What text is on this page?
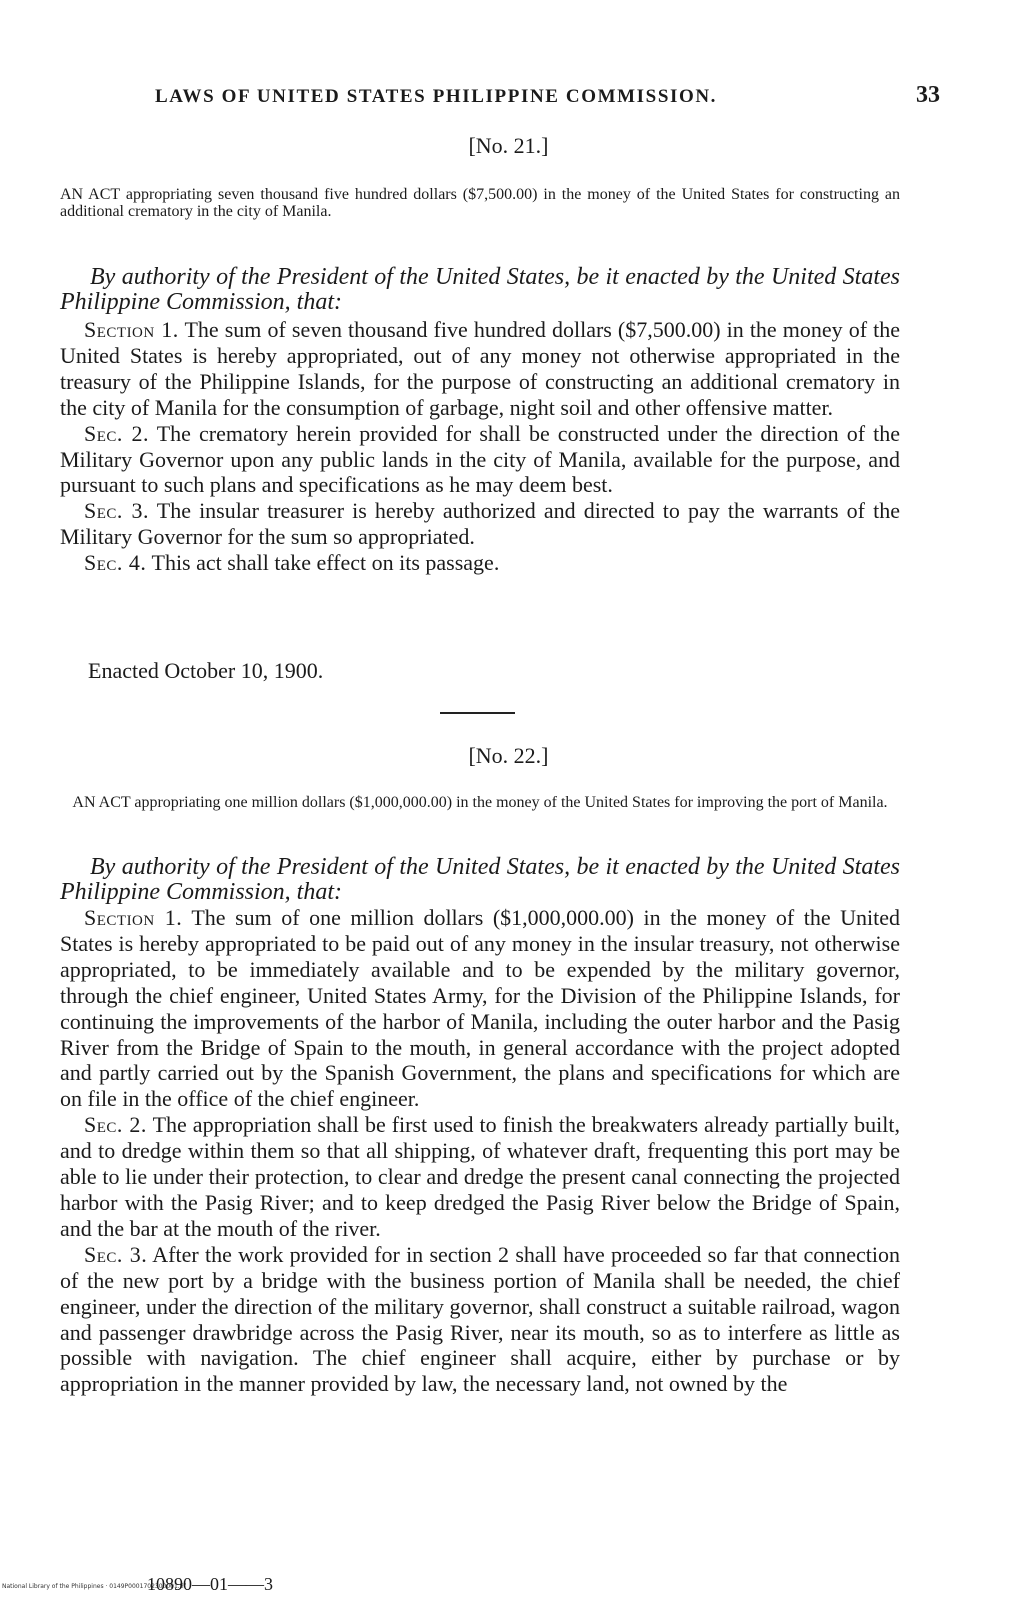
LAWS OF UNITED STATES PHILIPPINE COMMISSION.	33
[No. 21.]
AN ACT appropriating seven thousand five hundred dollars ($7,500.00) in the money of the United States for constructing an additional crematory in the city of Manila.
By authority of the President of the United States, be it enacted by the United States Philippine Commission, that:

Section 1. The sum of seven thousand five hundred dollars ($7,500.00) in the money of the United States is hereby appropriated, out of any money not otherwise appropriated in the treasury of the Philippine Islands, for the purpose of constructing an additional crematory in the city of Manila for the consumption of garbage, night soil and other offensive matter.

Sec. 2. The crematory herein provided for shall be constructed under the direction of the Military Governor upon any public lands in the city of Manila, available for the purpose, and pursuant to such plans and specifications as he may deem best.

Sec. 3. The insular treasurer is hereby authorized and directed to pay the warrants of the Military Governor for the sum so appropriated.

Sec. 4. This act shall take effect on its passage.

Enacted October 10, 1900.
[No. 22.]
AN ACT appropriating one million dollars ($1,000,000.00) in the money of the United States for improving the port of Manila.
By authority of the President of the United States, be it enacted by the United States Philippine Commission, that:

Section 1. The sum of one million dollars ($1,000,000.00) in the money of the United States is hereby appropriated to be paid out of any money in the insular treasury, not otherwise appropriated, to be immediately available and to be expended by the military governor, through the chief engineer, United States Army, for the Division of the Philippine Islands, for continuing the improvements of the harbor of Manila, including the outer harbor and the Pasig River from the Bridge of Spain to the mouth, in general accordance with the project adopted and partly carried out by the Spanish Government, the plans and specifications for which are on file in the office of the chief engineer.

Sec. 2. The appropriation shall be first used to finish the breakwaters already partially built, and to dredge within them so that all shipping, of whatever draft, frequenting this port may be able to lie under their protection, to clear and dredge the present canal connecting the projected harbor with the Pasig River; and to keep dredged the Pasig River below the Bridge of Spain, and the bar at the mouth of the river.

Sec. 3. After the work provided for in section 2 shall have proceeded so far that connection of the new port by a bridge with the business portion of Manila shall be needed, the chief engineer, under the direction of the military governor, shall construct a suitable railroad, wagon and passenger drawbridge across the Pasig River, near its mouth, so as to interfere as little as possible with navigation. The chief engineer shall acquire, either by purchase or by appropriation in the manner provided by law, the necessary land, not owned by the

National Library of the Philippines · 0149P0001702300001.tif
10890—01——3
